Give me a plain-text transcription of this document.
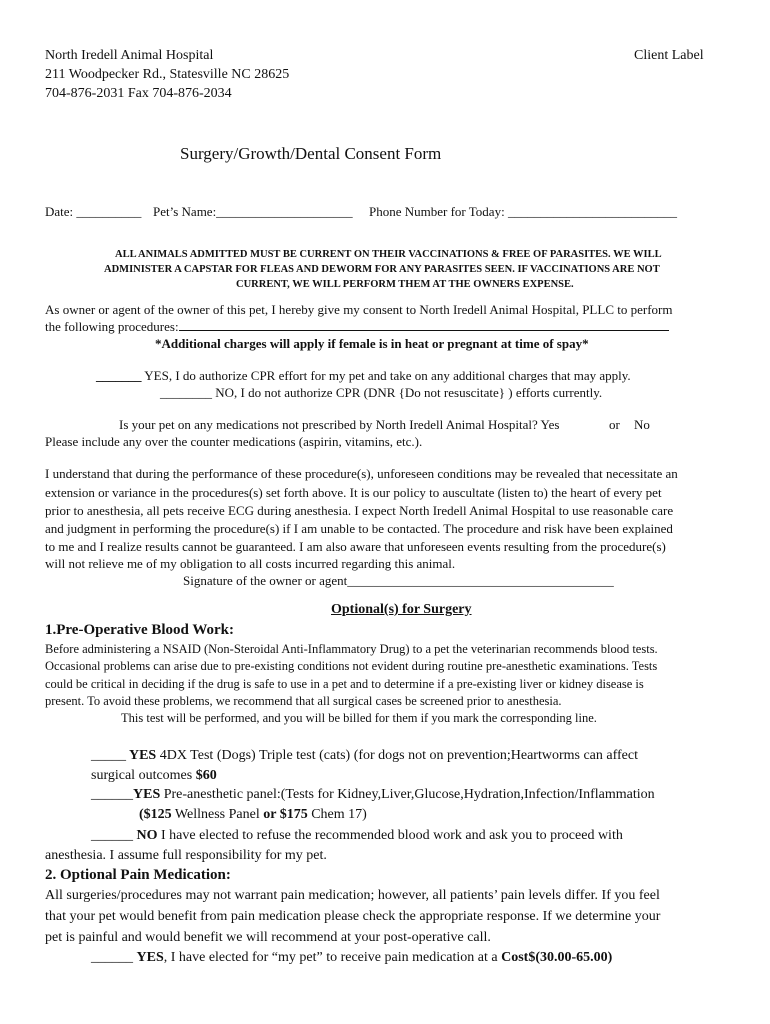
North Iredell Animal Hospital
211 Woodpecker Rd., Statesville NC 28625
704-876-2031 Fax 704-876-2034
Client Label
Surgery/Growth/Dental Consent Form
Date: __________ Pet’s Name:_____________________ Phone Number for Today: __________________________
ALL ANIMALS ADMITTED MUST BE CURRENT ON THEIR VACCINATIONS & FREE OF PARASITES. WE WILL
ADMINISTER A CAPSTAR FOR FLEAS AND DEWORM FOR ANY PARASITES SEEN. IF VACCINATIONS ARE NOT
CURRENT, WE WILL PERFORM THEM AT THE OWNERS EXPENSE.
As owner or agent of the owner of this pet, I hereby give my consent to North Iredell Animal Hospital, PLLC to perform
the following procedures:
*Additional charges will apply if female is in heat or pregnant at time of spay*
_______ YES, I do authorize CPR effort for my pet and take on any additional charges that may apply.
________ NO, I do not authorize CPR (DNR {Do not resuscitate} ) efforts currently.
Is your pet on any medications not prescribed by North Iredell Animal Hospital? Yes	or No
Please include any over the counter medications (aspirin, vitamins, etc.).
I understand that during the performance of these procedure(s), unforeseen conditions may be revealed that necessitate an
extension or variance in the procedures(s) set forth above. It is our policy to auscultate (listen to) the heart of every pet
prior to anesthesia, all pets receive ECG during anesthesia. I expect North Iredell Animal Hospital to use reasonable care
and judgment in performing the procedure(s) if I am unable to be contacted. The procedure and risk have been explained
to me and I realize results cannot be guaranteed. I am also aware that unforeseen events resulting from the procedure(s)
will not relieve me of my obligation to all costs incurred regarding this animal.
Signature of the owner or agent_________________________________________
Optional(s) for Surgery
1.Pre-Operative Blood Work:
Before administering a NSAID (Non-Steroidal Anti-Inflammatory Drug) to a pet the veterinarian recommends blood tests.
Occasional problems can arise due to pre-existing conditions not evident during routine pre-anesthetic examinations. Tests
could be critical in deciding if the drug is safe to use in a pet and to determine if a pre-existing liver or kidney disease is
present. To avoid these problems, we recommend that all surgical cases be screened prior to anesthesia.
This test will be performed, and you will be billed for them if you mark the corresponding line.
_____ YES 4DX Test (Dogs) Triple test (cats) (for dogs not on prevention;Heartworms can affect
surgical outcomes $60
______YES Pre-anesthetic panel:(Tests for Kidney,Liver,Glucose,Hydration,Infection/Inflammation
($125 Wellness Panel or $175 Chem 17)
______ NO I have elected to refuse the recommended blood work and ask you to proceed with
anesthesia. I assume full responsibility for my pet.
2. Optional Pain Medication:
All surgeries/procedures may not warrant pain medication; however, all patients’ pain levels differ. If you feel
that your pet would benefit from pain medication please check the appropriate response. If we determine your
pet is painful and would benefit we will recommend at your post-operative call.
______ YES, I have elected for “my pet” to receive pain medication at a Cost$(30.00-65.00)
